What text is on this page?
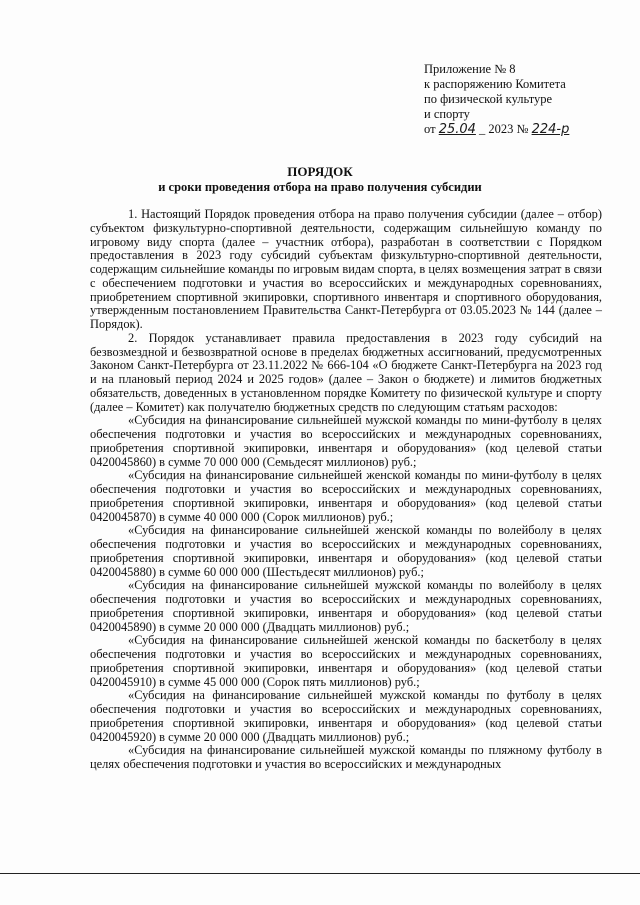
Приложение № 8
к распоряжению Комитета
по физической культуре
и спорту
от 25.04 _ 2023 № 224-р
ПОРЯДОК
и сроки проведения отбора на право получения субсидии

1. Настоящий Порядок проведения отбора на право получения субсидии (далее – отбор) субъектом физкультурно-спортивной деятельности, содержащим сильнейшую команду по игровому виду спорта (далее – участник отбора), разработан в соответствии с Порядком предоставления в 2023 году субсидий субъектам физкультурно-спортивной деятельности, содержащим сильнейшие команды по игровым видам спорта, в целях возмещения затрат в связи с обеспечением подготовки и участия во всероссийских и международных соревнованиях, приобретением спортивной экипировки, спортивного инвентаря и спортивного оборудования, утвержденным постановлением Правительства Санкт-Петербурга от 03.05.2023 № 144 (далее – Порядок).

2. Порядок устанавливает правила предоставления в 2023 году субсидий на безвозмездной и безвозвратной основе в пределах бюджетных ассигнований, предусмотренных Законом Санкт-Петербурга от 23.11.2022 № 666-104 «О бюджете Санкт-Петербурга на 2023 год и на плановый период 2024 и 2025 годов» (далее – Закон о бюджете) и лимитов бюджетных обязательств, доведенных в установленном порядке Комитету по физической культуре и спорту (далее – Комитет) как получателю бюджетных средств по следующим статьям расходов:

«Субсидия на финансирование сильнейшей мужской команды по мини-футболу в целях обеспечения подготовки и участия во всероссийских и международных соревнованиях, приобретения спортивной экипировки, инвентаря и оборудования» (код целевой статьи 0420045860) в сумме 70 000 000 (Семьдесят миллионов) руб.;

«Субсидия на финансирование сильнейшей женской команды по мини-футболу в целях обеспечения подготовки и участия во всероссийских и международных соревнованиях, приобретения спортивной экипировки, инвентаря и оборудования» (код целевой статьи 0420045870) в сумме 40 000 000 (Сорок миллионов) руб.;

«Субсидия на финансирование сильнейшей женской команды по волейболу в целях обеспечения подготовки и участия во всероссийских и международных соревнованиях, приобретения спортивной экипировки, инвентаря и оборудования» (код целевой статьи 0420045880) в сумме 60 000 000 (Шестьдесят миллионов) руб.;

«Субсидия на финансирование сильнейшей мужской команды по волейболу в целях обеспечения подготовки и участия во всероссийских и международных соревнованиях, приобретения спортивной экипировки, инвентаря и оборудования» (код целевой статьи 0420045890) в сумме 20 000 000 (Двадцать миллионов) руб.;

«Субсидия на финансирование сильнейшей женской команды по баскетболу в целях обеспечения подготовки и участия во всероссийских и международных соревнованиях, приобретения спортивной экипировки, инвентаря и оборудования» (код целевой статьи 0420045910) в сумме 45 000 000 (Сорок пять миллионов) руб.;

«Субсидия на финансирование сильнейшей мужской команды по футболу в целях обеспечения подготовки и участия во всероссийских и международных соревнованиях, приобретения спортивной экипировки, инвентаря и оборудования» (код целевой статьи 0420045920) в сумме 20 000 000 (Двадцать миллионов) руб.;

«Субсидия на финансирование сильнейшей мужской команды по пляжному футболу в целях обеспечения подготовки и участия во всероссийских и международных
